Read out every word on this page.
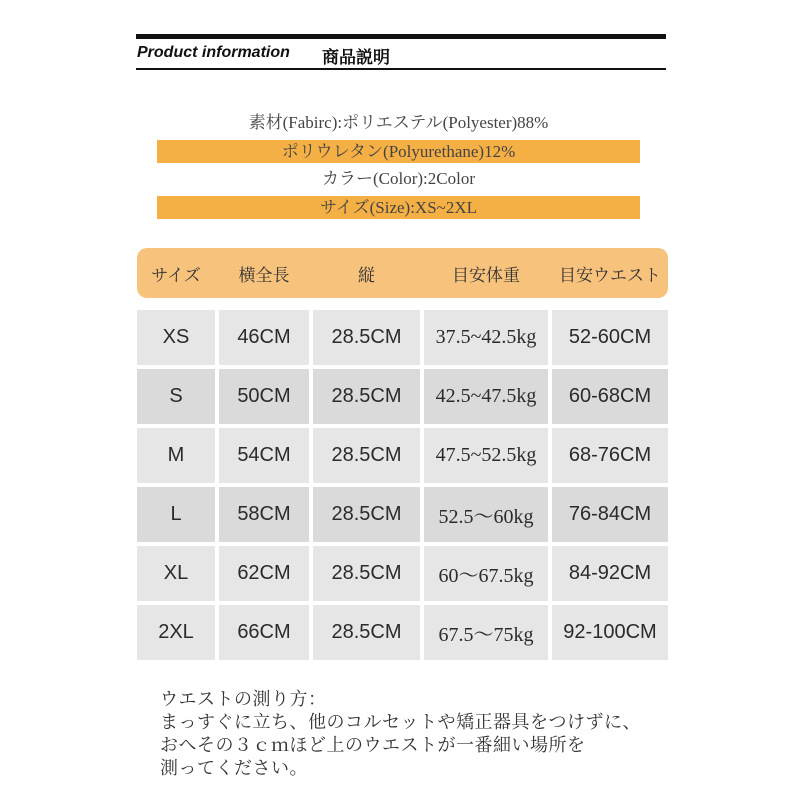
Product information 商品説明
素材(Fabirc):ポリエステル(Polyester)88%
ポリウレタン(Polyurethane)12%
カラー(Color):2Color
サイズ(Size):XS~2XL
サイズ	横全長	縦	目安体重	目安ウエスト
XS	46CM	28.5CM	37.5~42.5kg	52-60CM
S	50CM	28.5CM	42.5~47.5kg	60-68CM
M	54CM	28.5CM	47.5~52.5kg	68-76CM
L	58CM	28.5CM	52.5～60kg	76-84CM
XL	62CM	28.5CM	60～67.5kg	84-92CM
2XL	66CM	28.5CM	67.5～75kg	92-100CM
ウエストの測り方：
まっすぐに立ち、他のコルセットや矯正器具をつけずに、
おへその３ｃｍほど上のウエストが一番細い場所を
測ってください。
